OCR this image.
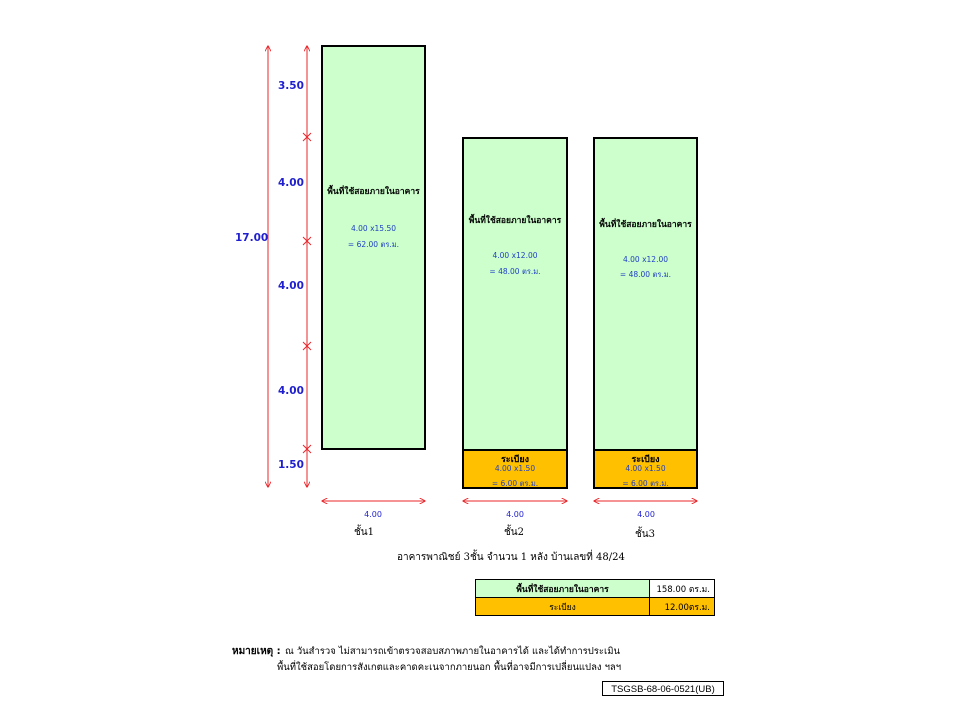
17.00
3.50
4.00
4.00
4.00
1.50
พื้นที่ใช้สอยภายในอาคาร
4.00 x15.50
= 62.00 ตร.ม.
พื้นที่ใช้สอยภายในอาคาร
4.00 x12.00
= 48.00 ตร.ม.
ระเบียง
4.00 x1.50
= 6.00 ตร.ม.
พื้นที่ใช้สอยภายในอาคาร
4.00 x12.00
= 48.00 ตร.ม.
ระเบียง
4.00 x1.50
= 6.00 ตร.ม.
4.00	4.00	4.00
ชั้น1	ชั้น2	ชั้น3
อาคารพาณิชย์ 3ชั้น จำนวน 1 หลัง บ้านเลขที่ 48/24
พื้นที่ใช้สอยภายในอาคาร	158.00 ตร.ม.
ระเบียง	12.00ตร.ม.
หมายเหตุ : ณ วันสำรวจ ไม่สามารถเข้าตรวจสอบสภาพภายในอาคารได้ และได้ทำการประเมิน
พื้นที่ใช้สอยโดยการสังเกตและคาดคะเนจากภายนอก พื้นที่อาจมีการเปลี่ยนแปลง ฯลฯ
TSGSB-68-06-0521(UB)
